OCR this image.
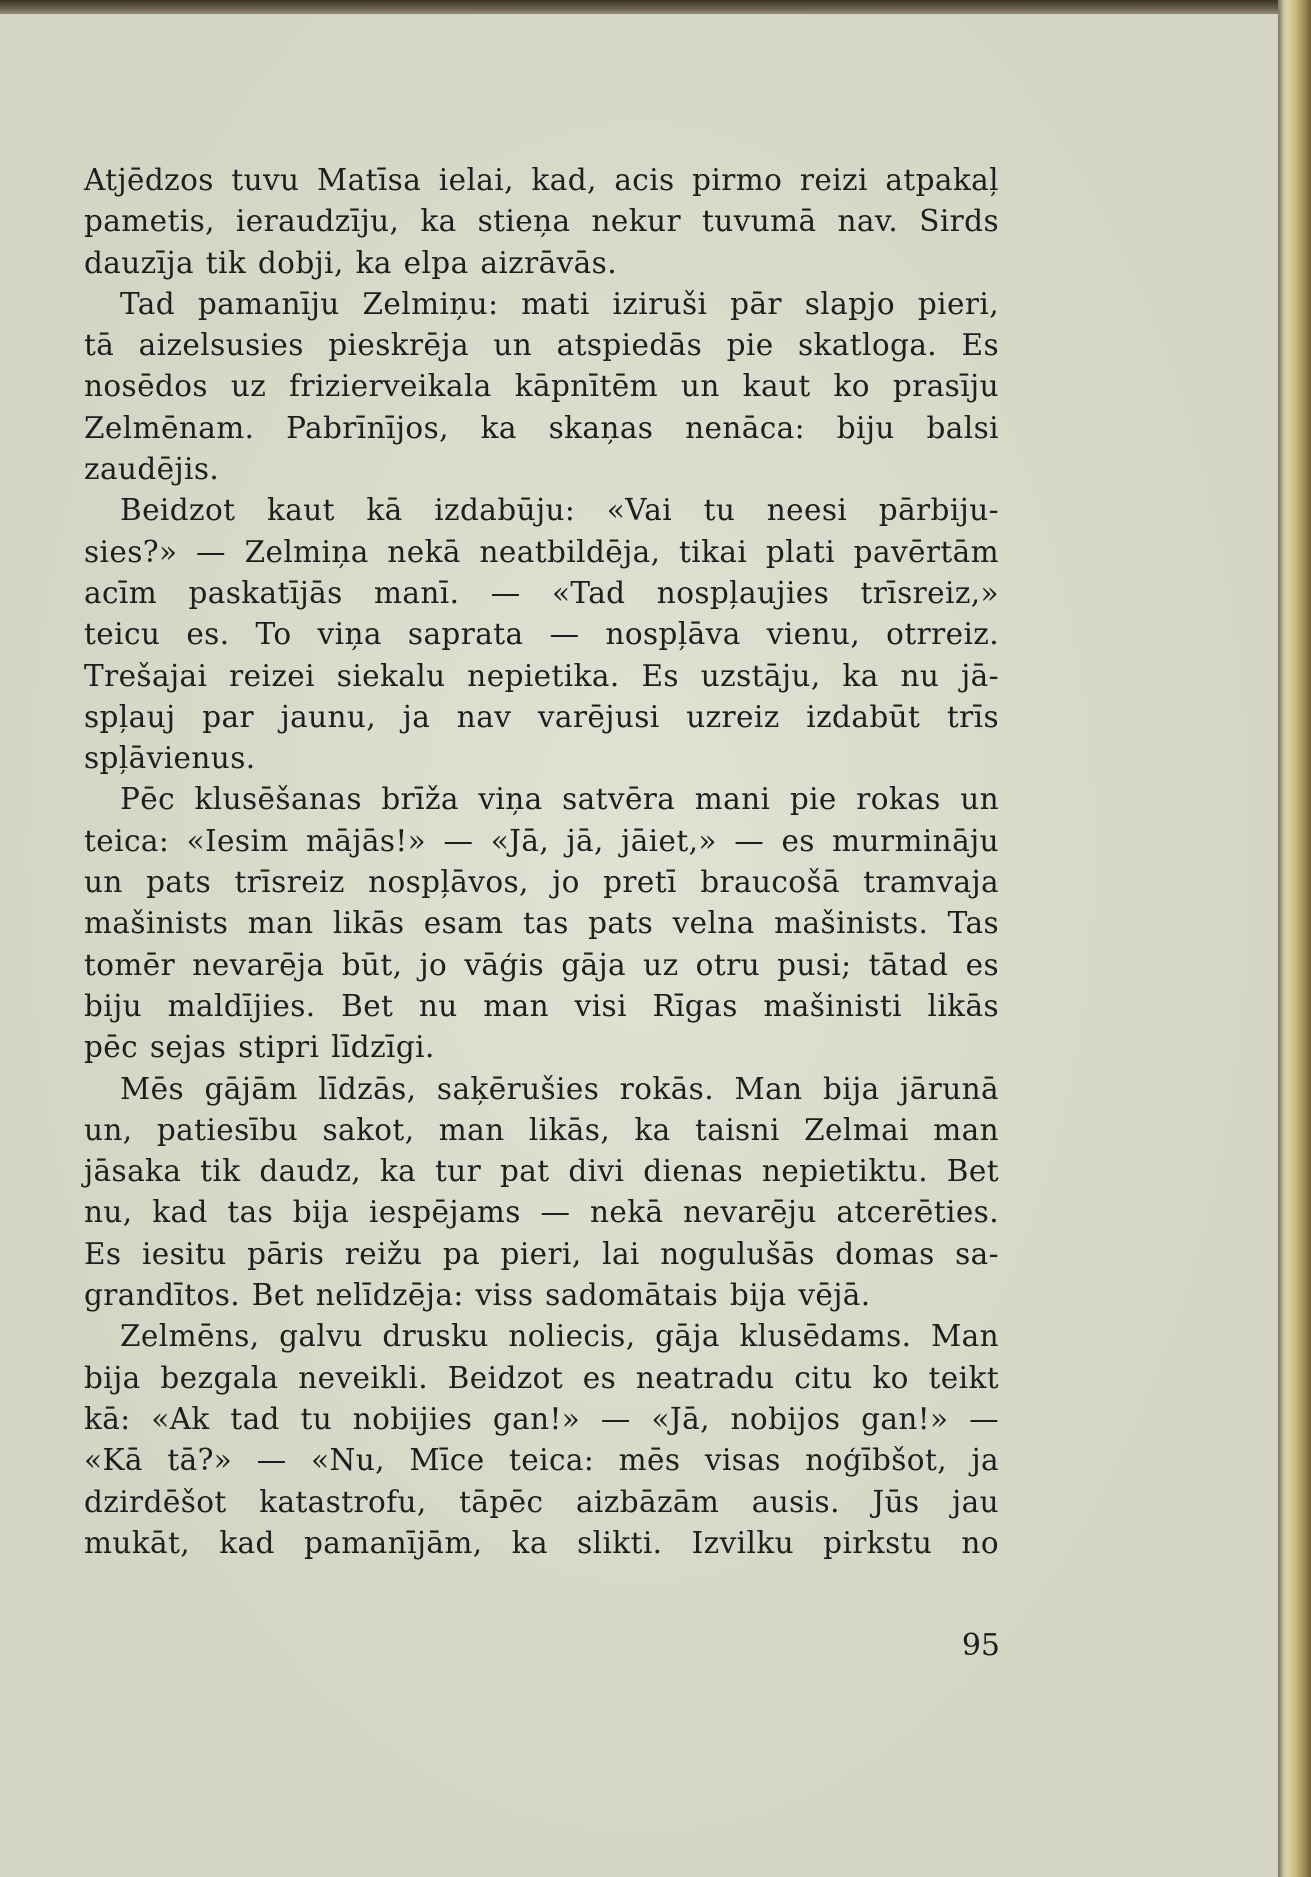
Atjēdzos tuvu Matīsa ielai, kad, acis pirmo reizi atpakaļ
pametis, ieraudzīju, ka stieņa nekur tuvumā nav. Sirds
dauzīja tik dobji, ka elpa aizrāvās.
Tad pamanīju Zelmiņu: mati iziruši pār slapjo pieri,
tā aizelsusies pieskrēja un atspiedās pie skatloga. Es
nosēdos uz frizierveikala kāpnītēm un kaut ko prasīju
Zelmēnam. Pabrīnījos, ka skaņas nenāca: biju balsi
zaudējis.
Beidzot kaut kā izdabūju: «Vai tu neesi pārbiju-
sies?» — Zelmiņa nekā neatbildēja, tikai plati pavērtām
acīm paskatījās manī. — «Tad nospļaujies trīsreiz,»
teicu es. To viņa saprata — nospļāva vienu, otrreiz.
Trešajai reizei siekalu nepietika. Es uzstāju, ka nu jā-
spļauj par jaunu, ja nav varējusi uzreiz izdabūt trīs
spļāvienus.
Pēc klusēšanas brīža viņa satvēra mani pie rokas un
teica: «Iesim mājās!» — «Jā, jā, jāiet,» — es murmināju
un pats trīsreiz nospļāvos, jo pretī braucošā tramvaja
mašinists man likās esam tas pats velna mašinists. Tas
tomēr nevarēja būt, jo vāģis gāja uz otru pusi; tātad es
biju maldījies. Bet nu man visi Rīgas mašinisti likās
pēc sejas stipri līdzīgi.
Mēs gājām līdzās, saķērušies rokās. Man bija jārunā
un, patiesību sakot, man likās, ka taisni Zelmai man
jāsaka tik daudz, ka tur pat divi dienas nepietiktu. Bet
nu, kad tas bija iespējams — nekā nevarēju atcerēties.
Es iesitu pāris reižu pa pieri, lai nogulušās domas sa-
grandītos. Bet nelīdzēja: viss sadomātais bija vējā.
Zelmēns, galvu drusku noliecis, gāja klusēdams. Man
bija bezgala neveikli. Beidzot es neatradu citu ko teikt
kā: «Ak tad tu nobijies gan!» — «Jā, nobijos gan!» —
«Kā tā?» — «Nu, Mīce teica: mēs visas noģībšot, ja
dzirdēšot katastrofu, tāpēc aizbāzām ausis. Jūs jau
mukāt, kad pamanījām, ka slikti. Izvilku pirkstu no
95
